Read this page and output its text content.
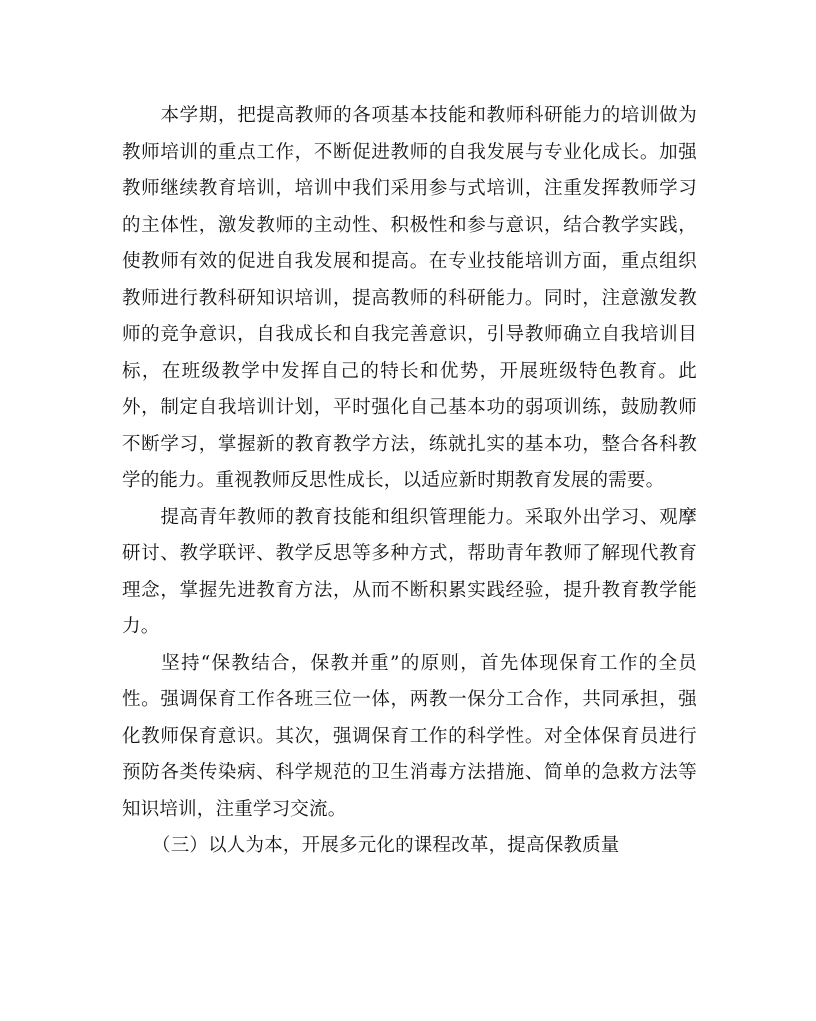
本学期，把提高教师的各项基本技能和教师科研能力的培训做为教师培训的重点工作，不断促进教师的自我发展与专业化成长。加强教师继续教育培训，培训中我们采用参与式培训，注重发挥教师学习的主体性，激发教师的主动性、积极性和参与意识，结合教学实践，使教师有效的促进自我发展和提高。在专业技能培训方面，重点组织教师进行教科研知识培训，提高教师的科研能力。同时，注意激发教师的竞争意识，自我成长和自我完善意识，引导教师确立自我培训目标，在班级教学中发挥自己的特长和优势，开展班级特色教育。此外，制定自我培训计划，平时强化自己基本功的弱项训练，鼓励教师不断学习，掌握新的教育教学方法，练就扎实的基本功，整合各科教学的能力。重视教师反思性成长，以适应新时期教育发展的需要。

提高青年教师的教育技能和组织管理能力。采取外出学习、观摩研讨、教学联评、教学反思等多种方式，帮助青年教师了解现代教育理念，掌握先进教育方法，从而不断积累实践经验，提升教育教学能力。

坚持“保教结合，保教并重”的原则，首先体现保育工作的全员性。强调保育工作各班三位一体，两教一保分工合作，共同承担，强化教师保育意识。其次，强调保育工作的科学性。对全体保育员进行预防各类传染病、科学规范的卫生消毒方法措施、简单的急救方法等知识培训，注重学习交流。

（三）以人为本，开展多元化的课程改革，提高保教质量
